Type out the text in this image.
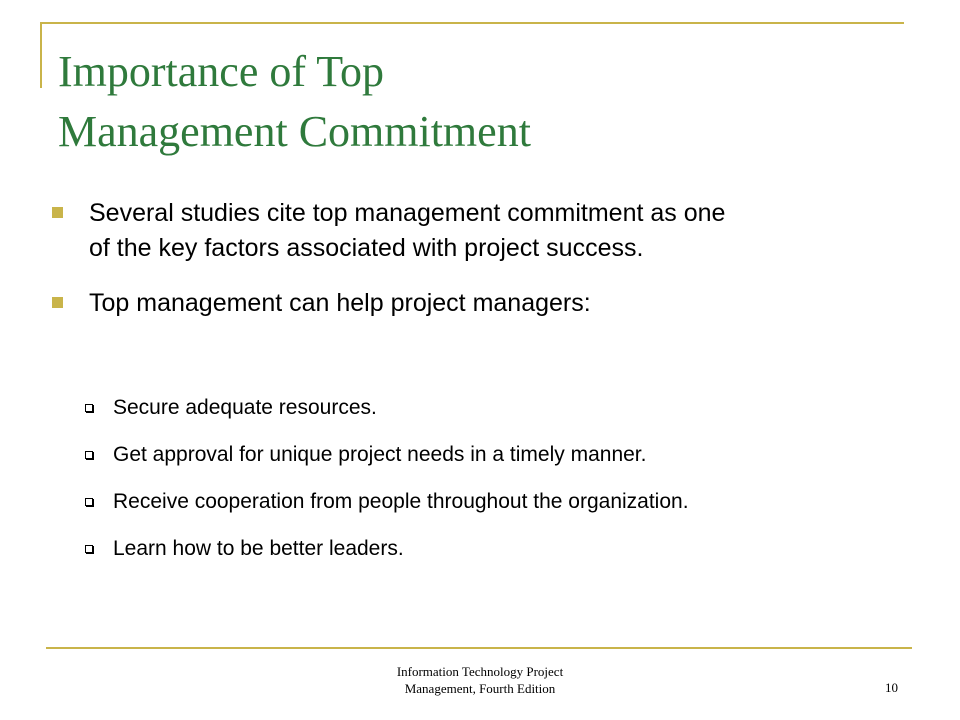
Importance of Top
Management Commitment
Several studies cite top management commitment as one of the key factors associated with project success.
Top management can help project managers:
Secure adequate resources.
Get approval for unique project needs in a timely manner.
Receive cooperation from people throughout the organization.
Learn how to be better leaders.
Information Technology Project
Management, Fourth Edition	10
